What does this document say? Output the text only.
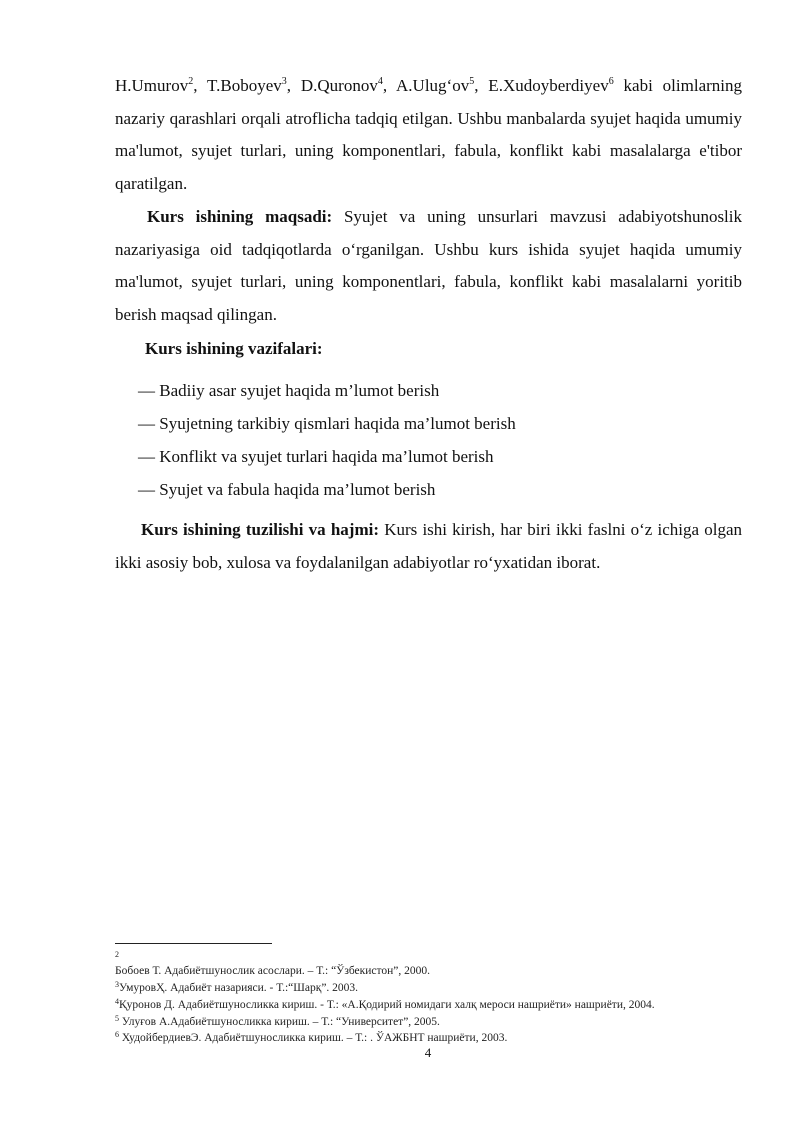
H.Umurov$^2$, T.Boboyev$^3$, D.Quronov$^4$, $A.Ulug‘ov^5$, E.Xudoyberdiyev$^6$ kabi olimlarning nazariy qarashlari orqali atroflicha tadqiq etilgan. Ushbu manbalarda syujet haqida umumiy ma'lumot, syujet turlari, uning komponentlari, fabula, konflikt kabi masalalarga e'tibor qaratilgan.
Kurs ishining maqsadi: Syujet va uning unsurlari mavzusi adabiyotshunoslik nazariyasiga oid tadqiqotlarda o‘rganilgan. Ushbu kurs ishida syujet haqida umumiy ma'lumot, syujet turlari, uning komponentlari, fabula, konflikt kabi masalalarni yoritib berish maqsad qilingan.
Kurs ishining vazifalari:
— Badiiy asar syujet haqida m’lumot berish
— Syujetning tarkibiy qismlari haqida ma’lumot berish
— Konflikt va syujet turlari haqida ma’lumot berish
— Syujet va fabula haqida ma’lumot berish
Kurs ishining tuzilishi va hajmi: Kurs ishi kirish, har biri ikki faslni o‘z ichiga olgan ikki asosiy bob, xulosa va foydalanilgan adabiyotlar ro‘yxatidan iborat.
$^2$
Бобоев Т. Адабиётшунослик асослари. – Т.: “Ўзбекистон”, 2000.
$^3$УмуровҲ. Адабиёт назарияси. - Т.:“Шарқ”. 2003.
$^4$Қуронов Д. Адабиётшуносликка кириш. - Т.: «А.Қодирий номидаги халқ мероси нашриёти» нашриёти, 2004.
$^5$ Улуғов А.Адабиётшуносликка кириш. – Т.: “Университет”, 2005.
$^6$ ХудойбердиевЭ. Адабиётшуносликка кириш. – Т.: . ЎАЖБНТ нашриёти, 2003.
4
